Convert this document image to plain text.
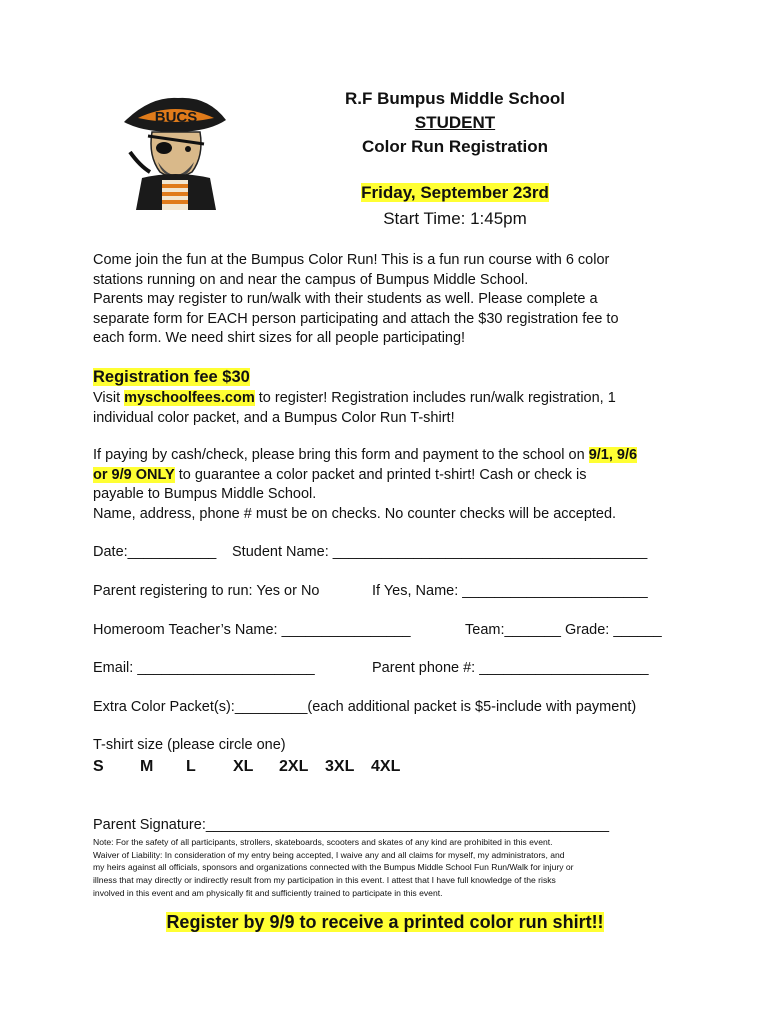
BUCS
R.F Bumpus Middle School
STUDENT
Color Run Registration
Friday, September 23rd
Start Time: 1:45pm
Come join the fun at the Bumpus Color Run! This is a fun run course with 6 color
stations running on and near the campus of Bumpus Middle School.
Parents may register to run/walk with their students as well. Please complete a
separate form for EACH person participating and attach the $30 registration fee to
each form. We need shirt sizes for all people participating!
Registration fee $30
Visit myschoolfees.com to register! Registration includes run/walk registration, 1
individual color packet, and a Bumpus Color Run T-shirt!
If paying by cash/check, please bring this form and payment to the school on 9/1, 9/6
or 9/9 ONLY to guarantee a color packet and printed t-shirt! Cash or check is
payable to Bumpus Middle School.
Name, address, phone # must be on checks. No counter checks will be accepted.
Date:___________ Student Name: _______________________________________
Parent registering to run: Yes or No	If Yes, Name: _______________________
Homeroom Teacher’s Name: ________________	Team:_______ Grade: ______
Email: ______________________	Parent phone #: _____________________
Extra Color Packet(s):_________(each additional packet is $5-include with payment)
T-shirt size (please circle one)
S M L XL 2XL 3XL 4XL
Parent Signature:__________________________________________________
Note: For the safety of all participants, strollers, skateboards, scooters and skates of any kind are prohibited in this event.
Waiver of Liability: In consideration of my entry being accepted, I waive any and all claims for myself, my administrators, and
my heirs against all officials, sponsors and organizations connected with the Bumpus Middle School Fun Run/Walk for injury or
illness that may directly or indirectly result from my participation in this event. I attest that I have full knowledge of the risks
involved in this event and am physically fit and sufficiently trained to participate in this event.
Register by 9/9 to receive a printed color run shirt!!
